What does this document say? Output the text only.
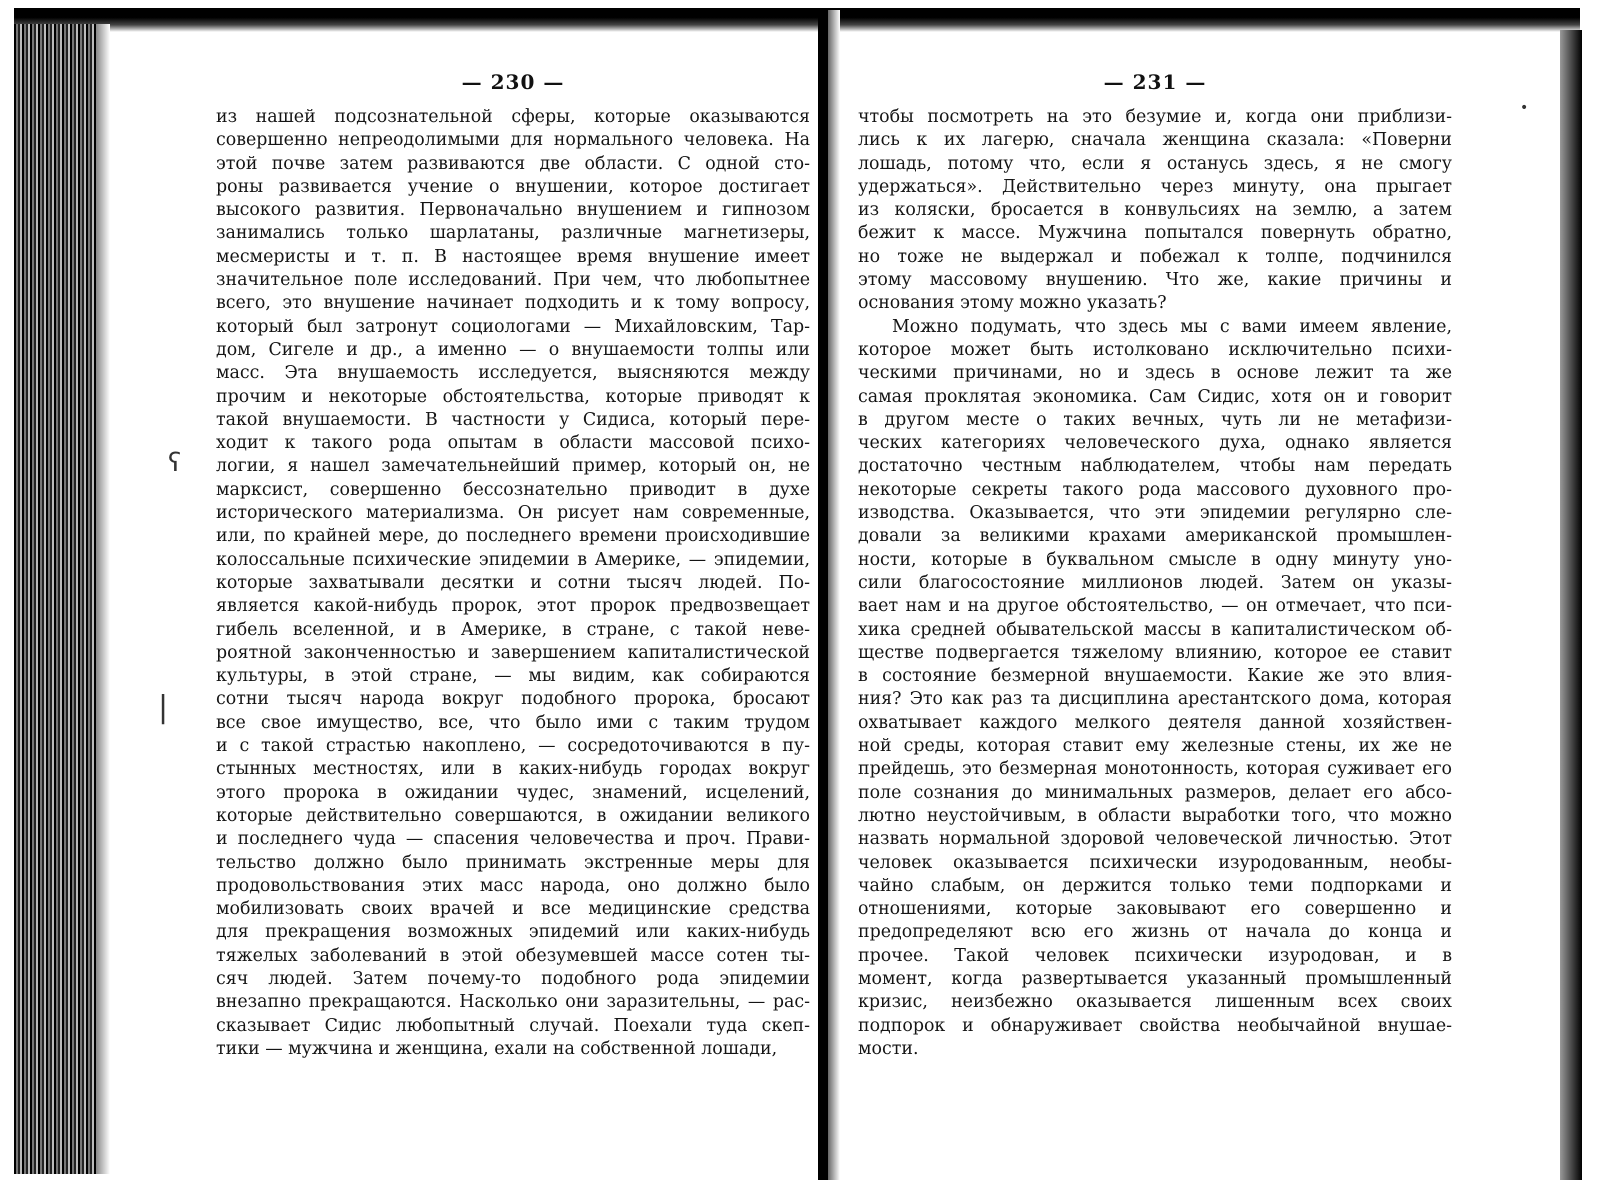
— 230 —
из нашей подсознательной сферы, которые оказываются
совершенно непреодолимыми для нормального человека. На
этой почве затем развиваются две области. С одной сто-
роны развивается учение о внушении, которое достигает
высокого развития. Первоначально внушением и гипнозом
занимались только шарлатаны, различные магнетизеры,
месмеристы и т. п. В настоящее время внушение имеет
значительное поле исследований. При чем, что любопытнее
всего, это внушение начинает подходить и к тому вопросу,
который был затронут социологами — Михайловским, Тар-
дом, Сигеле и др., а именно — о внушаемости толпы или
масс. Эта внушаемость исследуется, выясняются между
прочим и некоторые обстоятельства, которые приводят к
такой внушаемости. В частности у Сидиса, который пере-
ходит к такого рода опытам в области массовой психо-
логии, я нашел замечательнейший пример, который он, не
марксист, совершенно бессознательно приводит в духе
исторического материализма. Он рисует нам современные,
или, по крайней мере, до последнего времени происходившие
колоссальные психические эпидемии в Америке, — эпидемии,
которые захватывали десятки и сотни тысяч людей. По-
является какой-нибудь пророк, этот пророк предвозвещает
гибель вселенной, и в Америке, в стране, с такой неве-
роятной законченностью и завершением капиталистической
культуры, в этой стране, — мы видим, как собираются
сотни тысяч народа вокруг подобного пророка, бросают
все свое имущество, все, что было ими с таким трудом
и с такой страстью накоплено, — сосредоточиваются в пу-
стынных местностях, или в каких-нибудь городах вокруг
этого пророка в ожидании чудес, знамений, исцелений,
которые действительно совершаются, в ожидании великого
и последнего чуда — спасения человечества и проч. Прави-
тельство должно было принимать экстренные меры для
продовольствования этих масс народа, оно должно было
мобилизовать своих врачей и все медицинские средства
для прекращения возможных эпидемий или каких-нибудь
тяжелых заболеваний в этой обезумевшей массе сотен ты-
сяч людей. Затем почему-то подобного рода эпидемии
внезапно прекращаются. Насколько они заразительны, — рас-
сказывает Сидис любопытный случай. Поехали туда скеп-
тики — мужчина и женщина, ехали на собственной лошади,
— 231 —
чтобы посмотреть на это безумие и, когда они приблизи-
лись к их лагерю, сначала женщина сказала: «Поверни
лошадь, потому что, если я останусь здесь, я не смогу
удержаться». Действительно через минуту, она прыгает
из коляски, бросается в конвульсиях на землю, а затем
бежит к массе. Мужчина попытался повернуть обратно,
но тоже не выдержал и побежал к толпе, подчинился
этому массовому внушению. Что же, какие причины и
основания этому можно указать?
Можно подумать, что здесь мы с вами имеем явление,
которое может быть истолковано исключительно психи-
ческими причинами, но и здесь в основе лежит та же
самая проклятая экономика. Сам Сидис, хотя он и говорит
в другом месте о таких вечных, чуть ли не метафизи-
ческих категориях человеческого духа, однако является
достаточно честным наблюдателем, чтобы нам передать
некоторые секреты такого рода массового духовного про-
изводства. Оказывается, что эти эпидемии регулярно сле-
довали за великими крахами американской промышлен-
ности, которые в буквальном смысле в одну минуту уно-
сили благосостояние миллионов людей. Затем он указы-
вает нам и на другое обстоятельство, — он отмечает, что пси-
хика средней обывательской массы в капиталистическом об-
ществе подвергается тяжелому влиянию, которое ее ставит
в состояние безмерной внушаемости. Какие же это влия-
ния? Это как раз та дисциплина арестантского дома, которая
охватывает каждого мелкого деятеля данной хозяйствен-
ной среды, которая ставит ему железные стены, их же не
прейдешь, это безмерная монотонность, которая суживает его
поле сознания до минимальных размеров, делает его абсо-
лютно неустойчивым, в области выработки того, что можно
назвать нормальной здоровой человеческой личностью. Этот
человек оказывается психически изуродованным, необы-
чайно слабым, он держится только теми подпорками и
отношениями, которые заковывают его совершенно и
предопределяют всю его жизнь от начала до конца и
прочее. Такой человек психически изуродован, и в
момент, когда развертывается указанный промышленный
кризис, неизбежно оказывается лишенным всех своих
подпорок и обнаруживает свойства необычайной внушае-
мости.
ʕ
|
•
